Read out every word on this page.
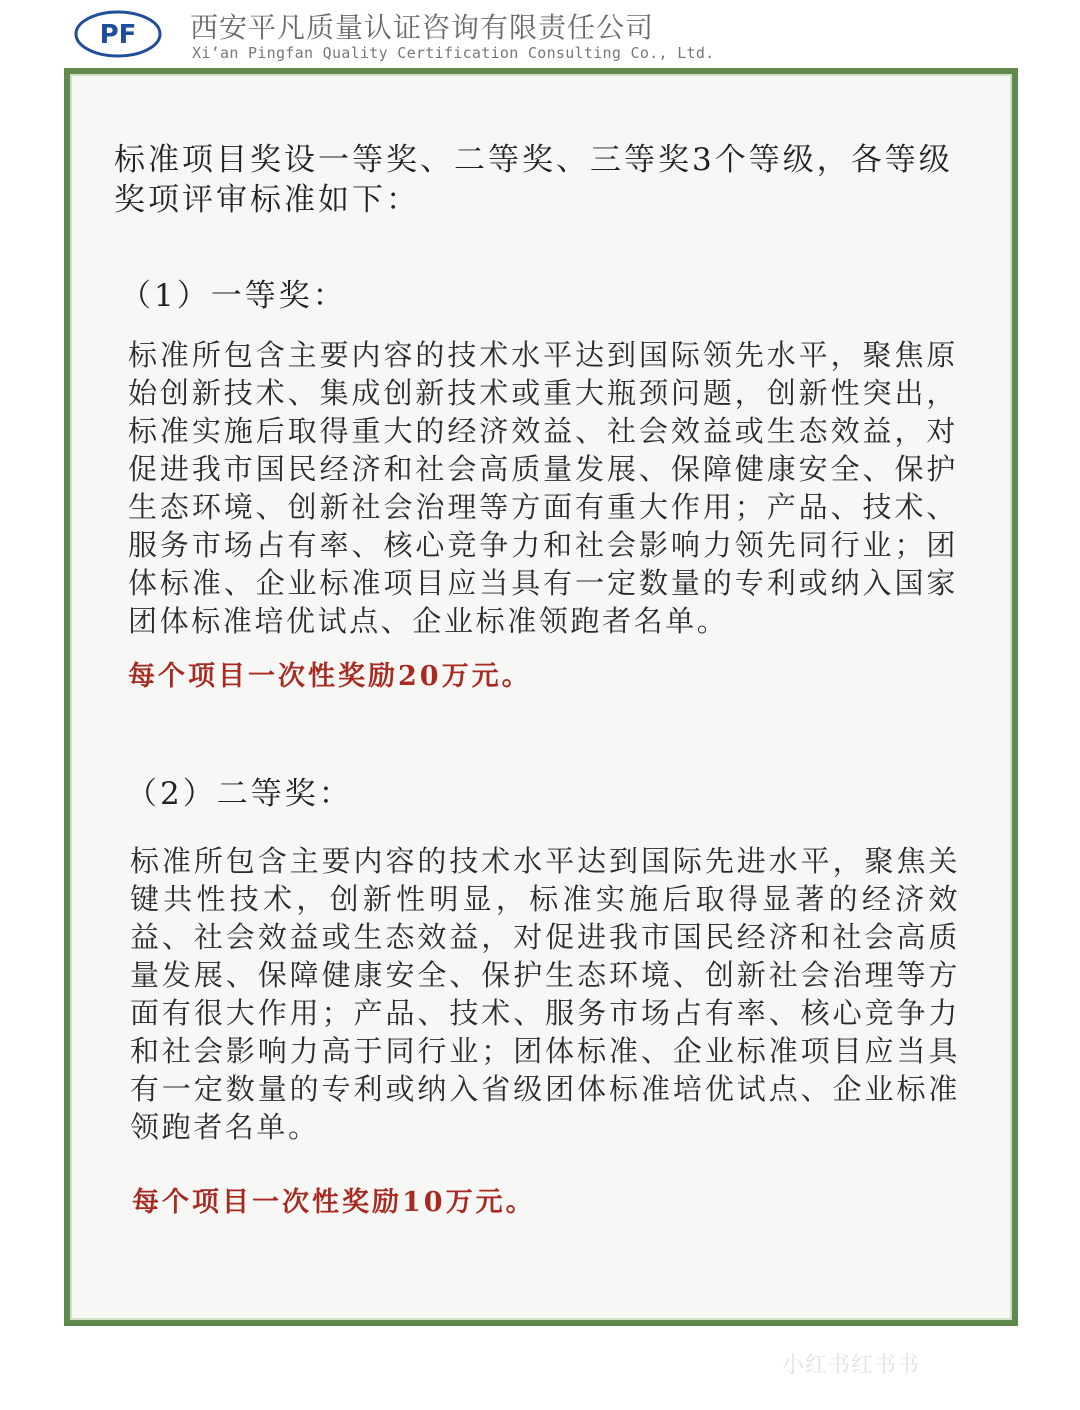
PF 西安平凡质量认证咨询有限责任公司
Xi’an Pingfan Quality Certification Consulting Co., Ltd.
标准项目奖设一等奖、二等奖、三等奖3个等级，各等级奖项评审标准如下：
（1）一等奖：
标准所包含主要内容的技术水平达到国际领先水平，聚焦原始创新技术、集成创新技术或重大瓶颈问题，创新性突出，标准实施后取得重大的经济效益、社会效益或生态效益，对促进我市国民经济和社会高质量发展、保障健康安全、保护生态环境、创新社会治理等方面有重大作用；产品、技术、服务市场占有率、核心竞争力和社会影响力领先同行业；团体标准、企业标准项目应当具有一定数量的专利或纳入国家团体标准培优试点、企业标准领跑者名单。
每个项目一次性奖励20万元。
（2）二等奖：
标准所包含主要内容的技术水平达到国际先进水平，聚焦关键共性技术，创新性明显，标准实施后取得显著的经济效益、社会效益或生态效益，对促进我市国民经济和社会高质量发展、保障健康安全、保护生态环境、创新社会治理等方面有很大作用；产品、技术、服务市场占有率、核心竞争力和社会影响力高于同行业；团体标准、企业标准项目应当具有一定数量的专利或纳入省级团体标准培优试点、企业标准领跑者名单。
每个项目一次性奖励10万元。
小红书红书书
